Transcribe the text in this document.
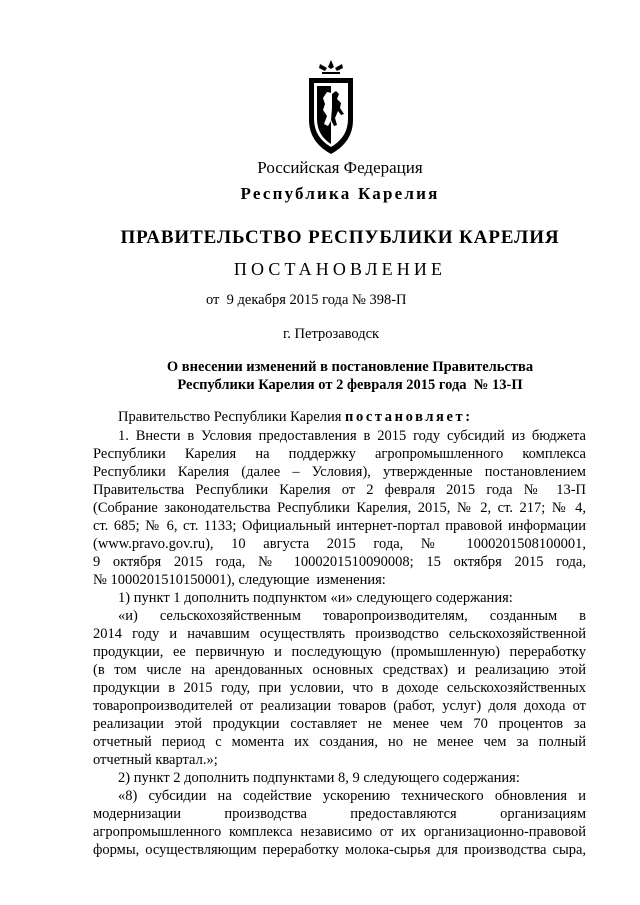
Российская Федерация
Республика Карелия
ПРАВИТЕЛЬСТВО РЕСПУБЛИКИ КАРЕЛИЯ
ПОСТАНОВЛЕНИЕ
от  9 декабря 2015 года № 398-П
г. Петрозаводск
О внесении изменений в постановление Правительства
Республики Карелия от 2 февраля 2015 года  № 13-П
Правительство Республики Карелия постановляет:
1. Внести в Условия предоставления в 2015 году субсидий из бюджета
Республики Карелия на поддержку агропромышленного комплекса
Республики Карелия (далее – Условия), утвержденные постановлением
Правительства Республики Карелия от 2 февраля 2015 года № 13-П
(Собрание законодательства Республики Карелия, 2015, № 2, ст. 217; № 4,
ст. 685; № 6, ст. 1133; Официальный интернет-портал правовой информации
(www.pravo.gov.ru), 10 августа 2015 года, № 1000201508100001,
9 октября 2015 года, № 1000201510090008; 15 октября 2015 года,
№ 1000201510150001), следующие  изменения:
1) пункт 1 дополнить подпунктом «и» следующего содержания:
«и) сельскохозяйственным товаропроизводителям, созданным в
2014 году и начавшим осуществлять производство сельскохозяйственной
продукции, ее первичную и последующую (промышленную) переработку
(в том числе на арендованных основных средствах) и реализацию этой
продукции в 2015 году, при условии, что в доходе сельскохозяйственных
товаропроизводителей от реализации товаров (работ, услуг) доля дохода от
реализации этой продукции составляет не менее чем 70 процентов за
отчетный период с момента их создания, но не менее чем за полный
отчетный квартал.»;
2) пункт 2 дополнить подпунктами 8, 9 следующего содержания:
«8) субсидии на содействие ускорению технического обновления и
модернизации производства предоставляются организациям
агропромышленного комплекса независимо от их организационно-правовой
формы, осуществляющим переработку молока-сырья для производства сыра,
